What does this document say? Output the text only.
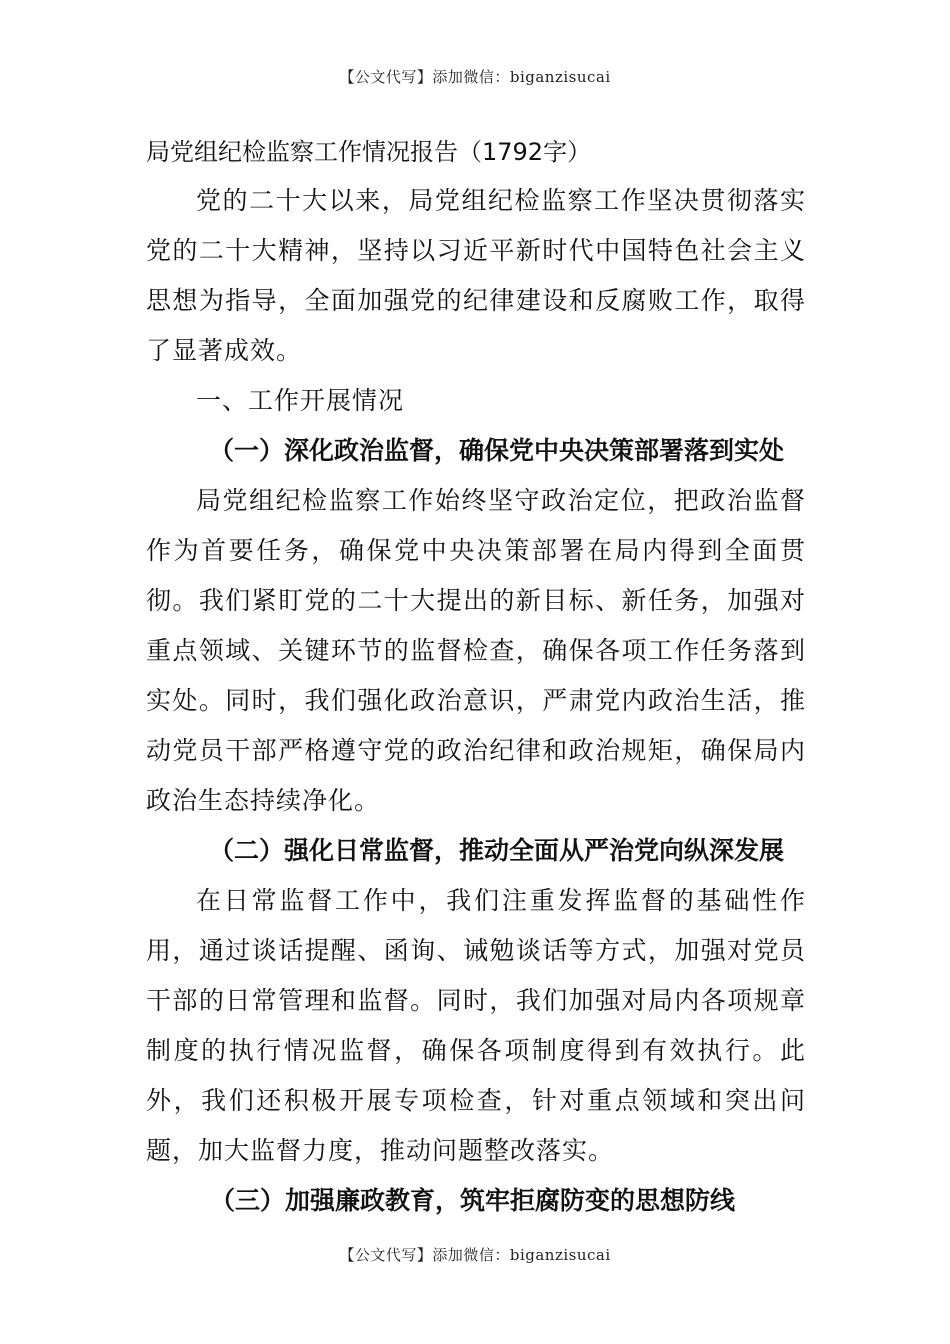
【公文代写】添加微信：biganzisucai
局党组纪检监察工作情况报告（1792字）

党的二十大以来，局党组纪检监察工作坚决贯彻落实党的二十大精神，坚持以习近平新时代中国特色社会主义思想为指导，全面加强党的纪律建设和反腐败工作，取得了显著成效。

一、工作开展情况

（一）深化政治监督，确保党中央决策部署落到实处

局党组纪检监察工作始终坚守政治定位，把政治监督作为首要任务，确保党中央决策部署在局内得到全面贯彻。我们紧盯党的二十大提出的新目标、新任务，加强对重点领域、关键环节的监督检查，确保各项工作任务落到实处。同时，我们强化政治意识，严肃党内政治生活，推动党员干部严格遵守党的政治纪律和政治规矩，确保局内政治生态持续净化。

（二）强化日常监督，推动全面从严治党向纵深发展

在日常监督工作中，我们注重发挥监督的基础性作用，通过谈话提醒、函询、诫勉谈话等方式，加强对党员干部的日常管理和监督。同时，我们加强对局内各项规章制度的执行情况监督，确保各项制度得到有效执行。此外，我们还积极开展专项检查，针对重点领域和突出问题，加大监督力度，推动问题整改落实。

（三）加强廉政教育，筑牢拒腐防变的思想防线

【公文代写】添加微信：biganzisucai
